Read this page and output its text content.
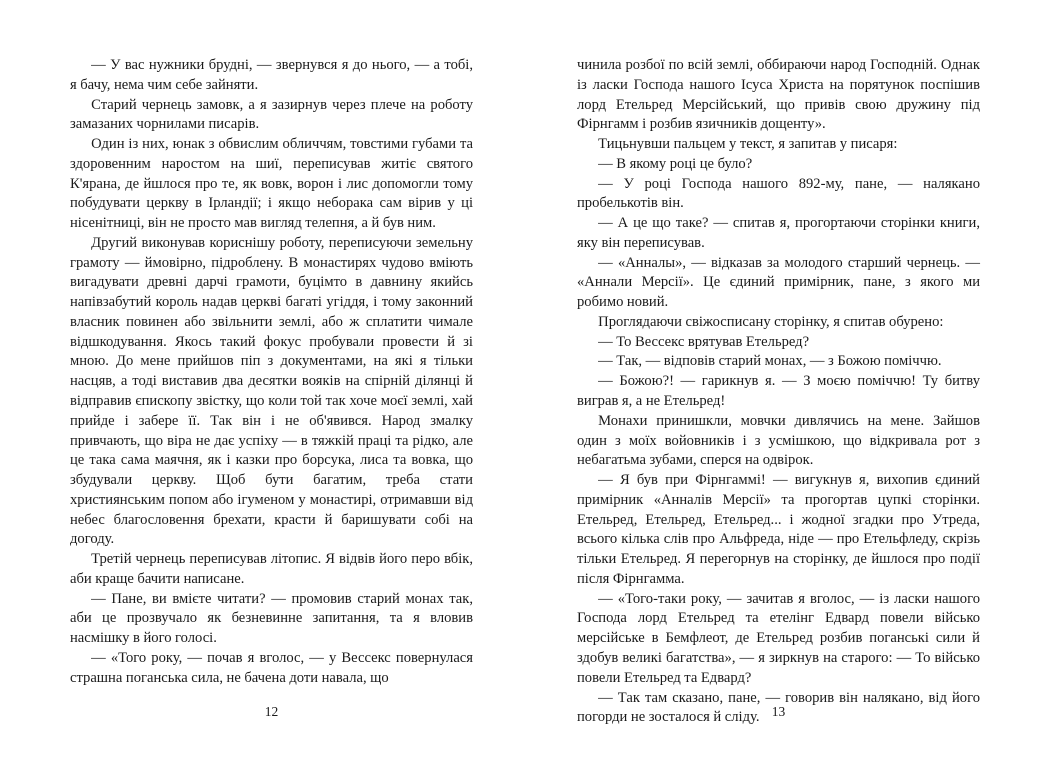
— У вас нужники брудні, — звернувся я до нього, — а тобі, я бачу, нема чим себе зайняти.

Старий чернець замовк, а я зазирнув через плече на роботу замазаних чорнилами писарів.

Один із них, юнак з обвислим обличчям, товстими губами та здоровенним наростом на шиї, переписував житіє святого К'ярана, де йшлося про те, як вовк, ворон і лис допомогли тому побудувати церкву в Ірландії; і якщо неборака сам вірив у ці нісенітниці, він не просто мав вигляд телепня, а й був ним.

Другий виконував кориснішу роботу, переписуючи земельну грамоту — ймовірно, підроблену. В монастирях чудово вміють вигадувати древні дарчі грамоти, буцімто в давнину якийсь напівзабутий король надав церкві багаті угіддя, і тому законний власник повинен або звільнити землі, або ж сплатити чимале відшкодування. Якось такий фокус пробували провести й зі мною. До мене прийшов піп з документами, на які я тільки насцяв, а тоді виставив два десятки вояків на спірній ділянці й відправив єпископу звістку, що коли той так хоче моєї землі, хай прийде і забере її. Так він і не об'явився. Народ змалку привчають, що віра не дає успіху — в тяжкій праці та рідко, але це така сама маячня, як і казки про борсука, лиса та вовка, що збудували церкву. Щоб бути багатим, треба стати християнським попом або ігуменом у монастирі, отримавши від небес благословення брехати, красти й баришувати собі на догоду.

Третій чернець переписував літопис. Я відвів його перо вбік, аби краще бачити написане.

— Пане, ви вмієте читати? — промовив старий монах так, аби це прозвучало як безневинне запитання, та я вловив насмішку в його голосі.

— «Того року, — почав я вголос, — у Вессекс повернулася страшна поганська сила, не бачена доти навала, що

12

чинила розбої по всій землі, оббираючи народ Господній. Однак із ласки Господа нашого Ісуса Христа на порятунок поспішив лорд Етельред Мерсійський, що привів свою дружину під Фірнгамм і розбив язичників дощенту».

Тицьнувши пальцем у текст, я запитав у писаря:

— В якому році це було?

— У році Господа нашого 892-му, пане, — налякано пробелькотів він.

— А це що таке? — спитав я, прогортаючи сторінки книги, яку він переписував.

— «Анналы», — відказав за молодого старший чернець. — «Аннали Мерсії». Це єдиний примірник, пане, з якого ми робимо новий.

Проглядаючи свіжосписану сторінку, я спитав обурено:

— То Вессекс врятував Етельред?

— Так, — відповів старий монах, — з Божою поміччю.

— Божою?! — гарикнув я. — З моєю поміччю! Ту битву виграв я, а не Етельред!

Монахи принишкли, мовчки дивлячись на мене. Зайшов один з моїх войовників і з усмішкою, що відкривала рот з небагатьма зубами, сперся на одвірок.

— Я був при Фірнгаммі! — вигукнув я, вихопив єдиний примірник «Анналів Мерсії» та прогортав цупкі сторінки. Етельред, Етельред, Етельред... і жодної згадки про Утреда, всього кілька слів про Альфреда, ніде — про Етельфледу, скрізь тільки Етельред. Я перегорнув на сторінку, де йшлося про події після Фірнгамма.

— «Того-таки року, — зачитав я вголос, — із ласки нашого Господа лорд Етельред та етелінг Едвард повели військо мерсійське в Бемфлеот, де Етельред розбив поганські сили й здобув великі багатства», — я зиркнув на старого: — То військо повели Етельред та Едвард?

— Так там сказано, пане, — говорив він налякано, від його погорди не зосталося й сліду. 13
